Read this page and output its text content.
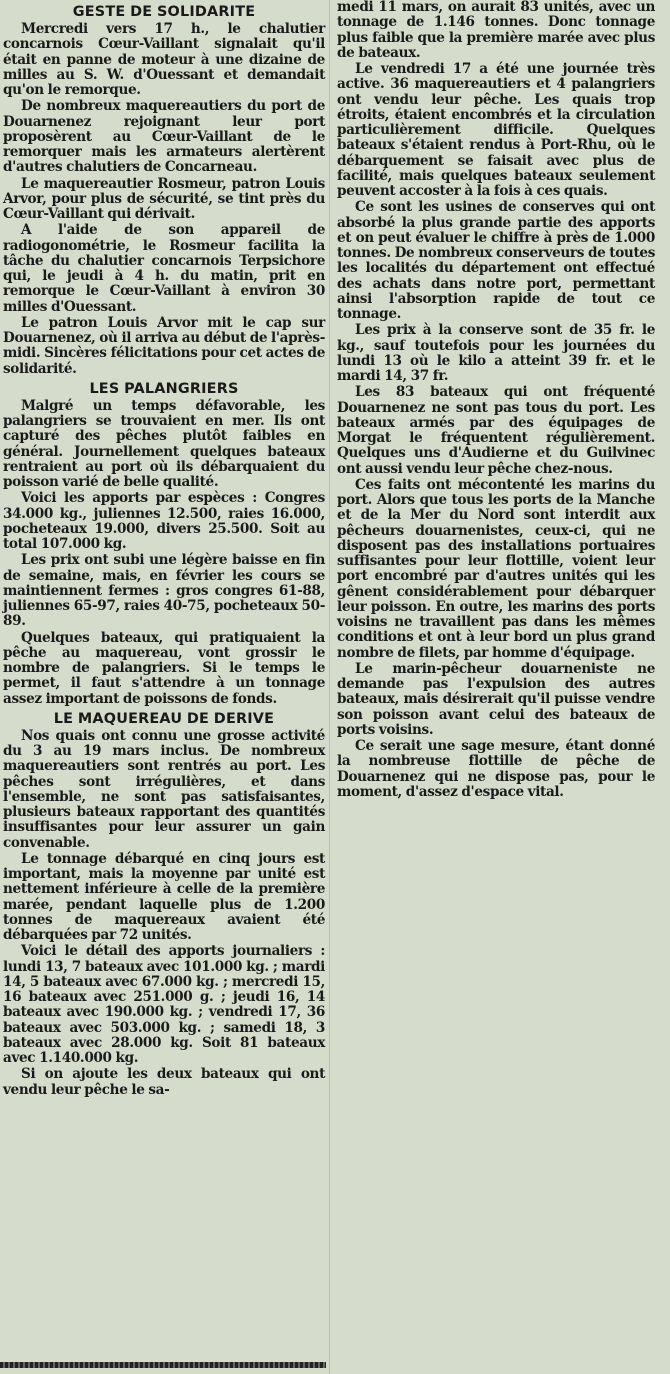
GESTE DE SOLIDARITE

Mercredi vers 17 h., le chalutier concarnois Cœur-Vaillant signalait qu'il était en panne de moteur à une dizaine de milles au S. W. d'Ouessant et demandait qu'on le remorque.

De nombreux maquereautiers du port de Douarnenez rejoignant leur port proposèrent au Cœur-Vaillant de le remorquer mais les armateurs alertèrent d'autres chalutiers de Concarneau.

Le maquereautier Rosmeur, patron Louis Arvor, pour plus de sécurité, se tint près du Cœur-Vaillant qui dérivait.

A l'aide de son appareil de radiogonométrie, le Rosmeur facilita la tâche du chalutier concarnois Terpsichore qui, le jeudi à 4 h. du matin, prit en remorque le Cœur-Vaillant à environ 30 milles d'Ouessant.

Le patron Louis Arvor mit le cap sur Douarnenez, où il arriva au début de l'après-midi. Sincères félicitations pour cet actes de solidarité.

LES PALANGRIERS

Malgré un temps défavorable, les palangriers se trouvaient en mer. Ils ont capturé des pêches plutôt faibles en général. Journellement quelques bateaux rentraient au port où ils débarquaient du poisson varié de belle qualité.

Voici les apports par espèces : Congres 34.000 kg., juliennes 12.500, raies 16.000, pocheteaux 19.000, divers 25.500. Soit au total 107.000 kg.

Les prix ont subi une légère baisse en fin de semaine, mais, en février les cours se maintiennent fermes : gros congres 61-88, juliennes 65-97, raies 40-75, pocheteaux 50-89.

Quelques bateaux, qui pratiquaient la pêche au maquereau, vont grossir le nombre de palangriers. Si le temps le permet, il faut s'attendre à un tonnage assez important de poissons de fonds.

LE MAQUEREAU DE DERIVE

Nos quais ont connu une grosse activité du 3 au 19 mars inclus. De nombreux maquereautiers sont rentrés au port. Les pêches sont irrégulières, et dans l'ensemble, ne sont pas satisfaisantes, plusieurs bateaux rapportant des quantités insuffisantes pour leur assurer un gain convenable.

Le tonnage débarqué en cinq jours est important, mais la moyenne par unité est nettement inférieure à celle de la première marée, pendant laquelle plus de 1.200 tonnes de maquereaux avaient été débarquées par 72 unités.

Voici le détail des apports journaliers : lundi 13, 7 bateaux avec 101.000 kg. ; mardi 14, 5 bateaux avec 67.000 kg. ; mercredi 15, 16 bateaux avec 251.000 g. ; jeudi 16, 14 bateaux avec 190.000 kg. ; vendredi 17, 36 bateaux avec 503.000 kg. ; samedi 18, 3 bateaux avec 28.000 kg. Soit 81 bateaux avec 1.140.000 kg.

Si on ajoute les deux bateaux qui ont vendu leur pêche le sa-

medi 11 mars, on aurait 83 unités, avec un tonnage de 1.146 tonnes. Donc tonnage plus faible que la première marée avec plus de bateaux.

Le vendredi 17 a été une journée très active. 36 maquereautiers et 4 palangriers ont vendu leur pêche. Les quais trop étroits, étaient encombrés et la circulation particulièrement difficile. Quelques bateaux s'étaient rendus à Port-Rhu, où le débarquement se faisait avec plus de facilité, mais quelques bateaux seulement peuvent accoster à la fois à ces quais.

Ce sont les usines de conserves qui ont absorbé la plus grande partie des apports et on peut évaluer le chiffre à près de 1.000 tonnes. De nombreux conserveurs de toutes les localités du département ont effectué des achats dans notre port, permettant ainsi l'absorption rapide de tout ce tonnage.

Les prix à la conserve sont de 35 fr. le kg., sauf toutefois pour les journées du lundi 13 où le kilo a atteint 39 fr. et le mardi 14, 37 fr.

Les 83 bateaux qui ont fréquenté Douarnenez ne sont pas tous du port. Les bateaux armés par des équipages de Morgat le fréquentent régulièrement. Quelques uns d'Audierne et du Guilvinec ont aussi vendu leur pêche chez-nous.

Ces faits ont mécontenté les marins du port. Alors que tous les ports de la Manche et de la Mer du Nord sont interdit aux pêcheurs douarnenistes, ceux-ci, qui ne disposent pas des installations portuaires suffisantes pour leur flottille, voient leur port encombré par d'autres unités qui les gênent considérablement pour débarquer leur poisson. En outre, les marins des ports voisins ne travaillent pas dans les mêmes conditions et ont à leur bord un plus grand nombre de filets, par homme d'équipage.

Le marin-pêcheur douarneniste ne demande pas l'expulsion des autres bateaux, mais désirerait qu'il puisse vendre son poisson avant celui des bateaux de ports voisins.

Ce serait une sage mesure, étant donné la nombreuse flottille de pêche de Douarnenez qui ne dispose pas, pour le moment, d'assez d'espace vital.
